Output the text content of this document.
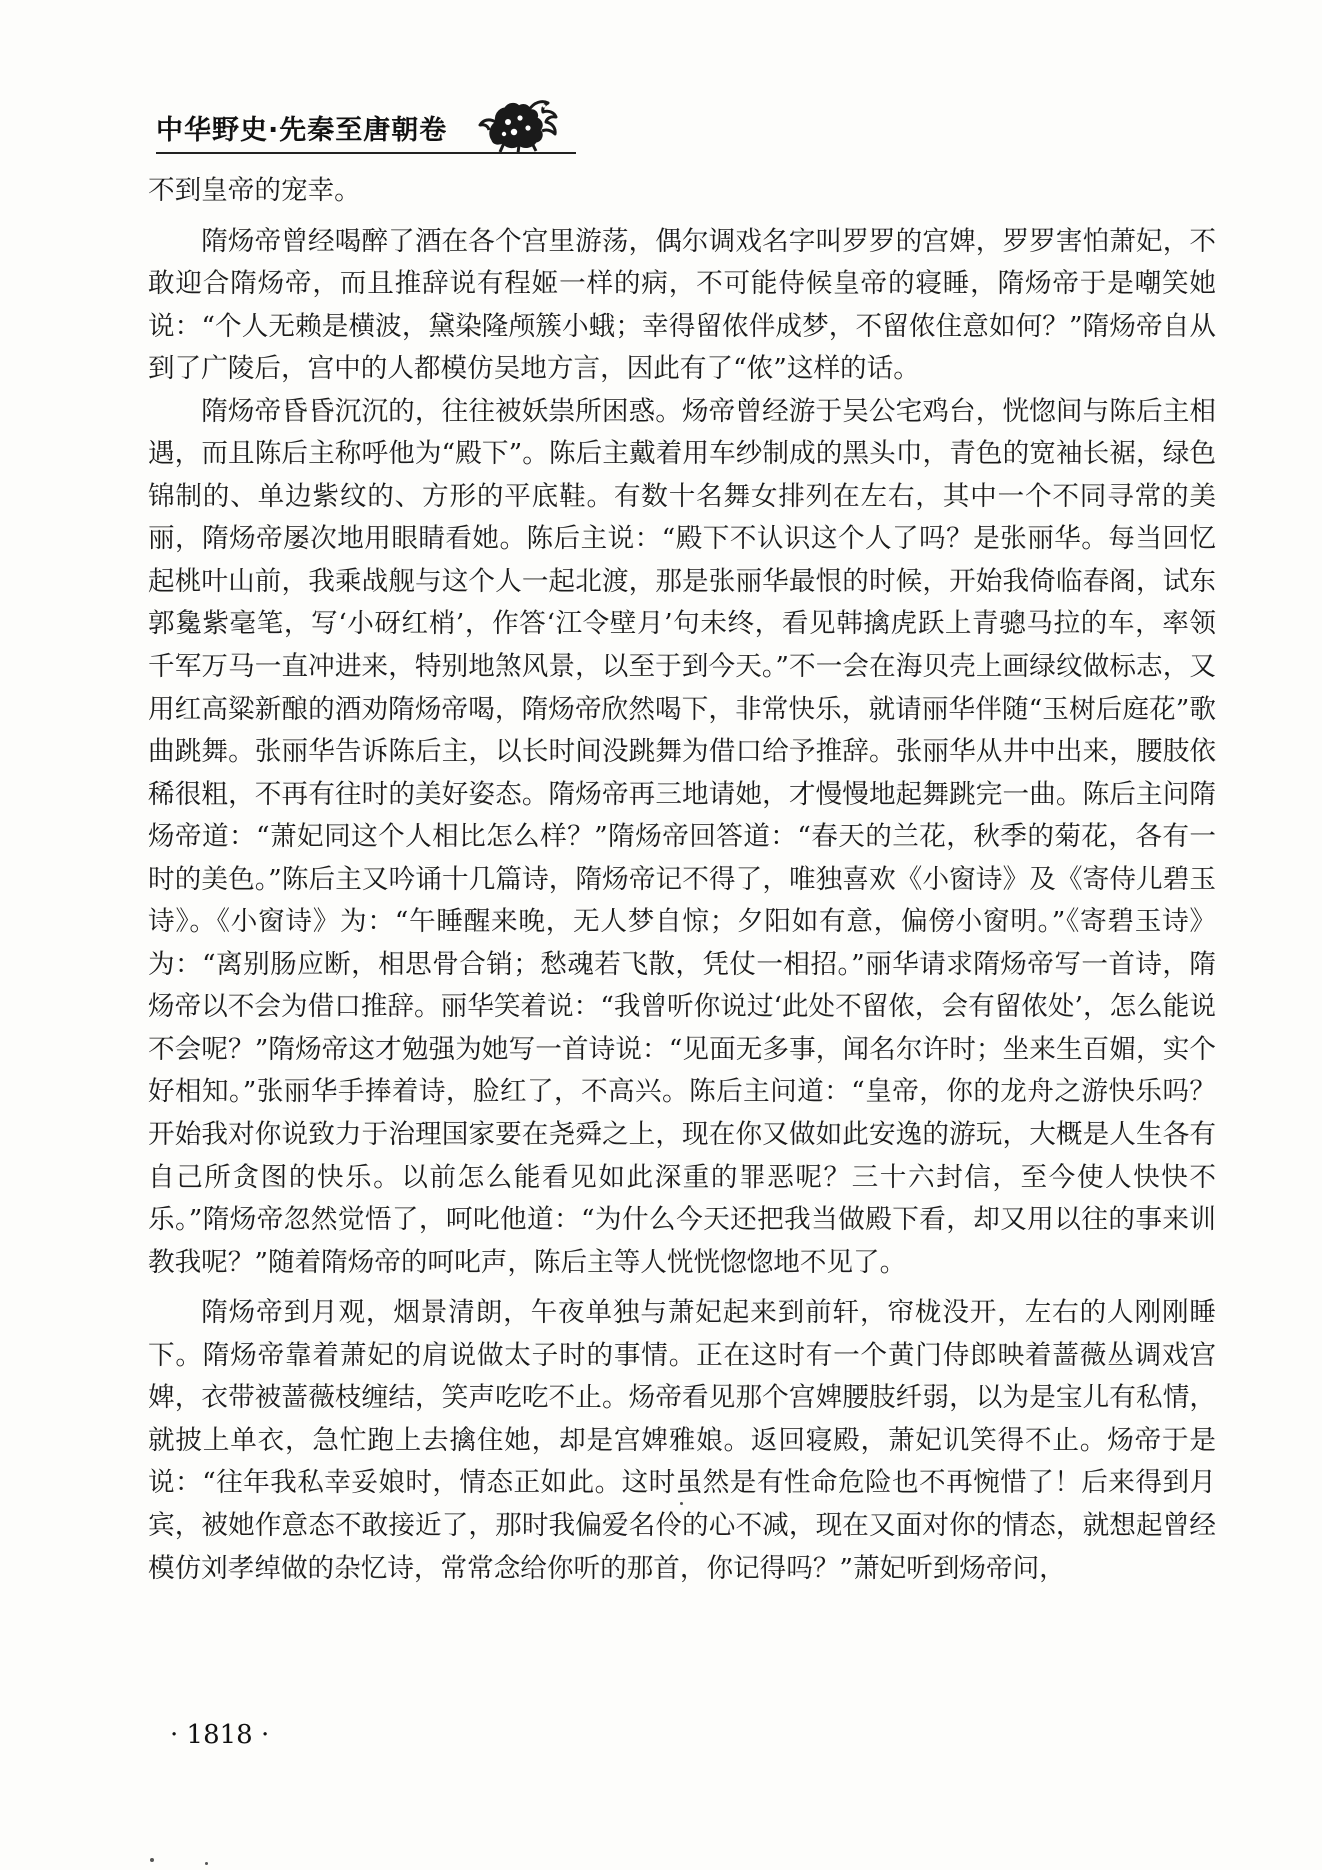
中华野史·先秦至唐朝卷

不到皇帝的宠幸。

隋炀帝曾经喝醉了酒在各个宫里游荡，偶尔调戏名字叫罗罗的宫婢，罗罗害怕萧妃，不敢迎合隋炀帝，而且推辞说有程姬一样的病，不可能侍候皇帝的寝睡，隋炀帝于是嘲笑她说：“个人无赖是横波，黛染隆颅簇小蛾；幸得留侬伴成梦，不留侬住意如何？”隋炀帝自从到了广陵后，宫中的人都模仿吴地方言，因此有了“侬”这样的话。

隋炀帝昏昏沉沉的，往往被妖祟所困惑。炀帝曾经游于吴公宅鸡台，恍惚间与陈后主相遇，而且陈后主称呼他为“殿下”。陈后主戴着用车纱制成的黑头巾，青色的宽袖长裾，绿色锦制的、单边紫纹的、方形的平底鞋。有数十名舞女排列在左右，其中一个不同寻常的美丽，隋炀帝屡次地用眼睛看她。陈后主说：“殿下不认识这个人了吗？是张丽华。每当回忆起桃叶山前，我乘战舰与这个人一起北渡，那是张丽华最恨的时候，开始我倚临春阁，试东郭毚紫毫笔，写‘小砑红梢’，作答‘江令壁月’句未终，看见韩擒虎跃上青骢马拉的车，率领千军万马一直冲进来，特别地煞风景，以至于到今天。”不一会在海贝壳上画绿纹做标志，又用红高粱新酿的酒劝隋炀帝喝，隋炀帝欣然喝下，非常快乐，就请丽华伴随“玉树后庭花”歌曲跳舞。张丽华告诉陈后主，以长时间没跳舞为借口给予推辞。张丽华从井中出来，腰肢依稀很粗，不再有往时的美好姿态。隋炀帝再三地请她，才慢慢地起舞跳完一曲。陈后主问隋炀帝道：“萧妃同这个人相比怎么样？”隋炀帝回答道：“春天的兰花，秋季的菊花，各有一时的美色。”陈后主又吟诵十几篇诗，隋炀帝记不得了，唯独喜欢《小窗诗》及《寄侍儿碧玉诗》。《小窗诗》为：“午睡醒来晚，无人梦自惊；夕阳如有意，偏傍小窗明。”《寄碧玉诗》为：“离别肠应断，相思骨合销；愁魂若飞散，凭仗一相招。”丽华请求隋炀帝写一首诗，隋炀帝以不会为借口推辞。丽华笑着说：“我曾听你说过‘此处不留侬，会有留侬处’，怎么能说不会呢？”隋炀帝这才勉强为她写一首诗说：“见面无多事，闻名尔许时；坐来生百媚，实个好相知。”张丽华手捧着诗，脸红了，不高兴。陈后主问道：“皇帝，你的龙舟之游快乐吗？开始我对你说致力于治理国家要在尧舜之上，现在你又做如此安逸的游玩，大概是人生各有自己所贪图的快乐。以前怎么能看见如此深重的罪恶呢？三十六封信，至今使人快快不乐。”隋炀帝忽然觉悟了，呵叱他道：“为什么今天还把我当做殿下看，却又用以往的事来训教我呢？”随着隋炀帝的呵叱声，陈后主等人恍恍惚惚地不见了。

隋炀帝到月观，烟景清朗，午夜单独与萧妃起来到前轩，帘栊没开，左右的人刚刚睡下。隋炀帝靠着萧妃的肩说做太子时的事情。正在这时有一个黄门侍郎映着蔷薇丛调戏宫婢，衣带被蔷薇枝缠结，笑声吃吃不止。炀帝看见那个宫婢腰肢纤弱，以为是宝儿有私情，就披上单衣，急忙跑上去擒住她，却是宫婢雅娘。返回寝殿，萧妃讥笑得不止。炀帝于是说：“往年我私幸妥娘时，情态正如此。这时虽然是有性命危险也不再惋惜了！后来得到月宾，被她作意态不敢接近了，那时我偏爱名伶的心不减，现在又面对你的情态，就想起曾经模仿刘孝绰做的杂忆诗，常常念给你听的那首，你记得吗？”萧妃听到炀帝问，

· 1818 ·
